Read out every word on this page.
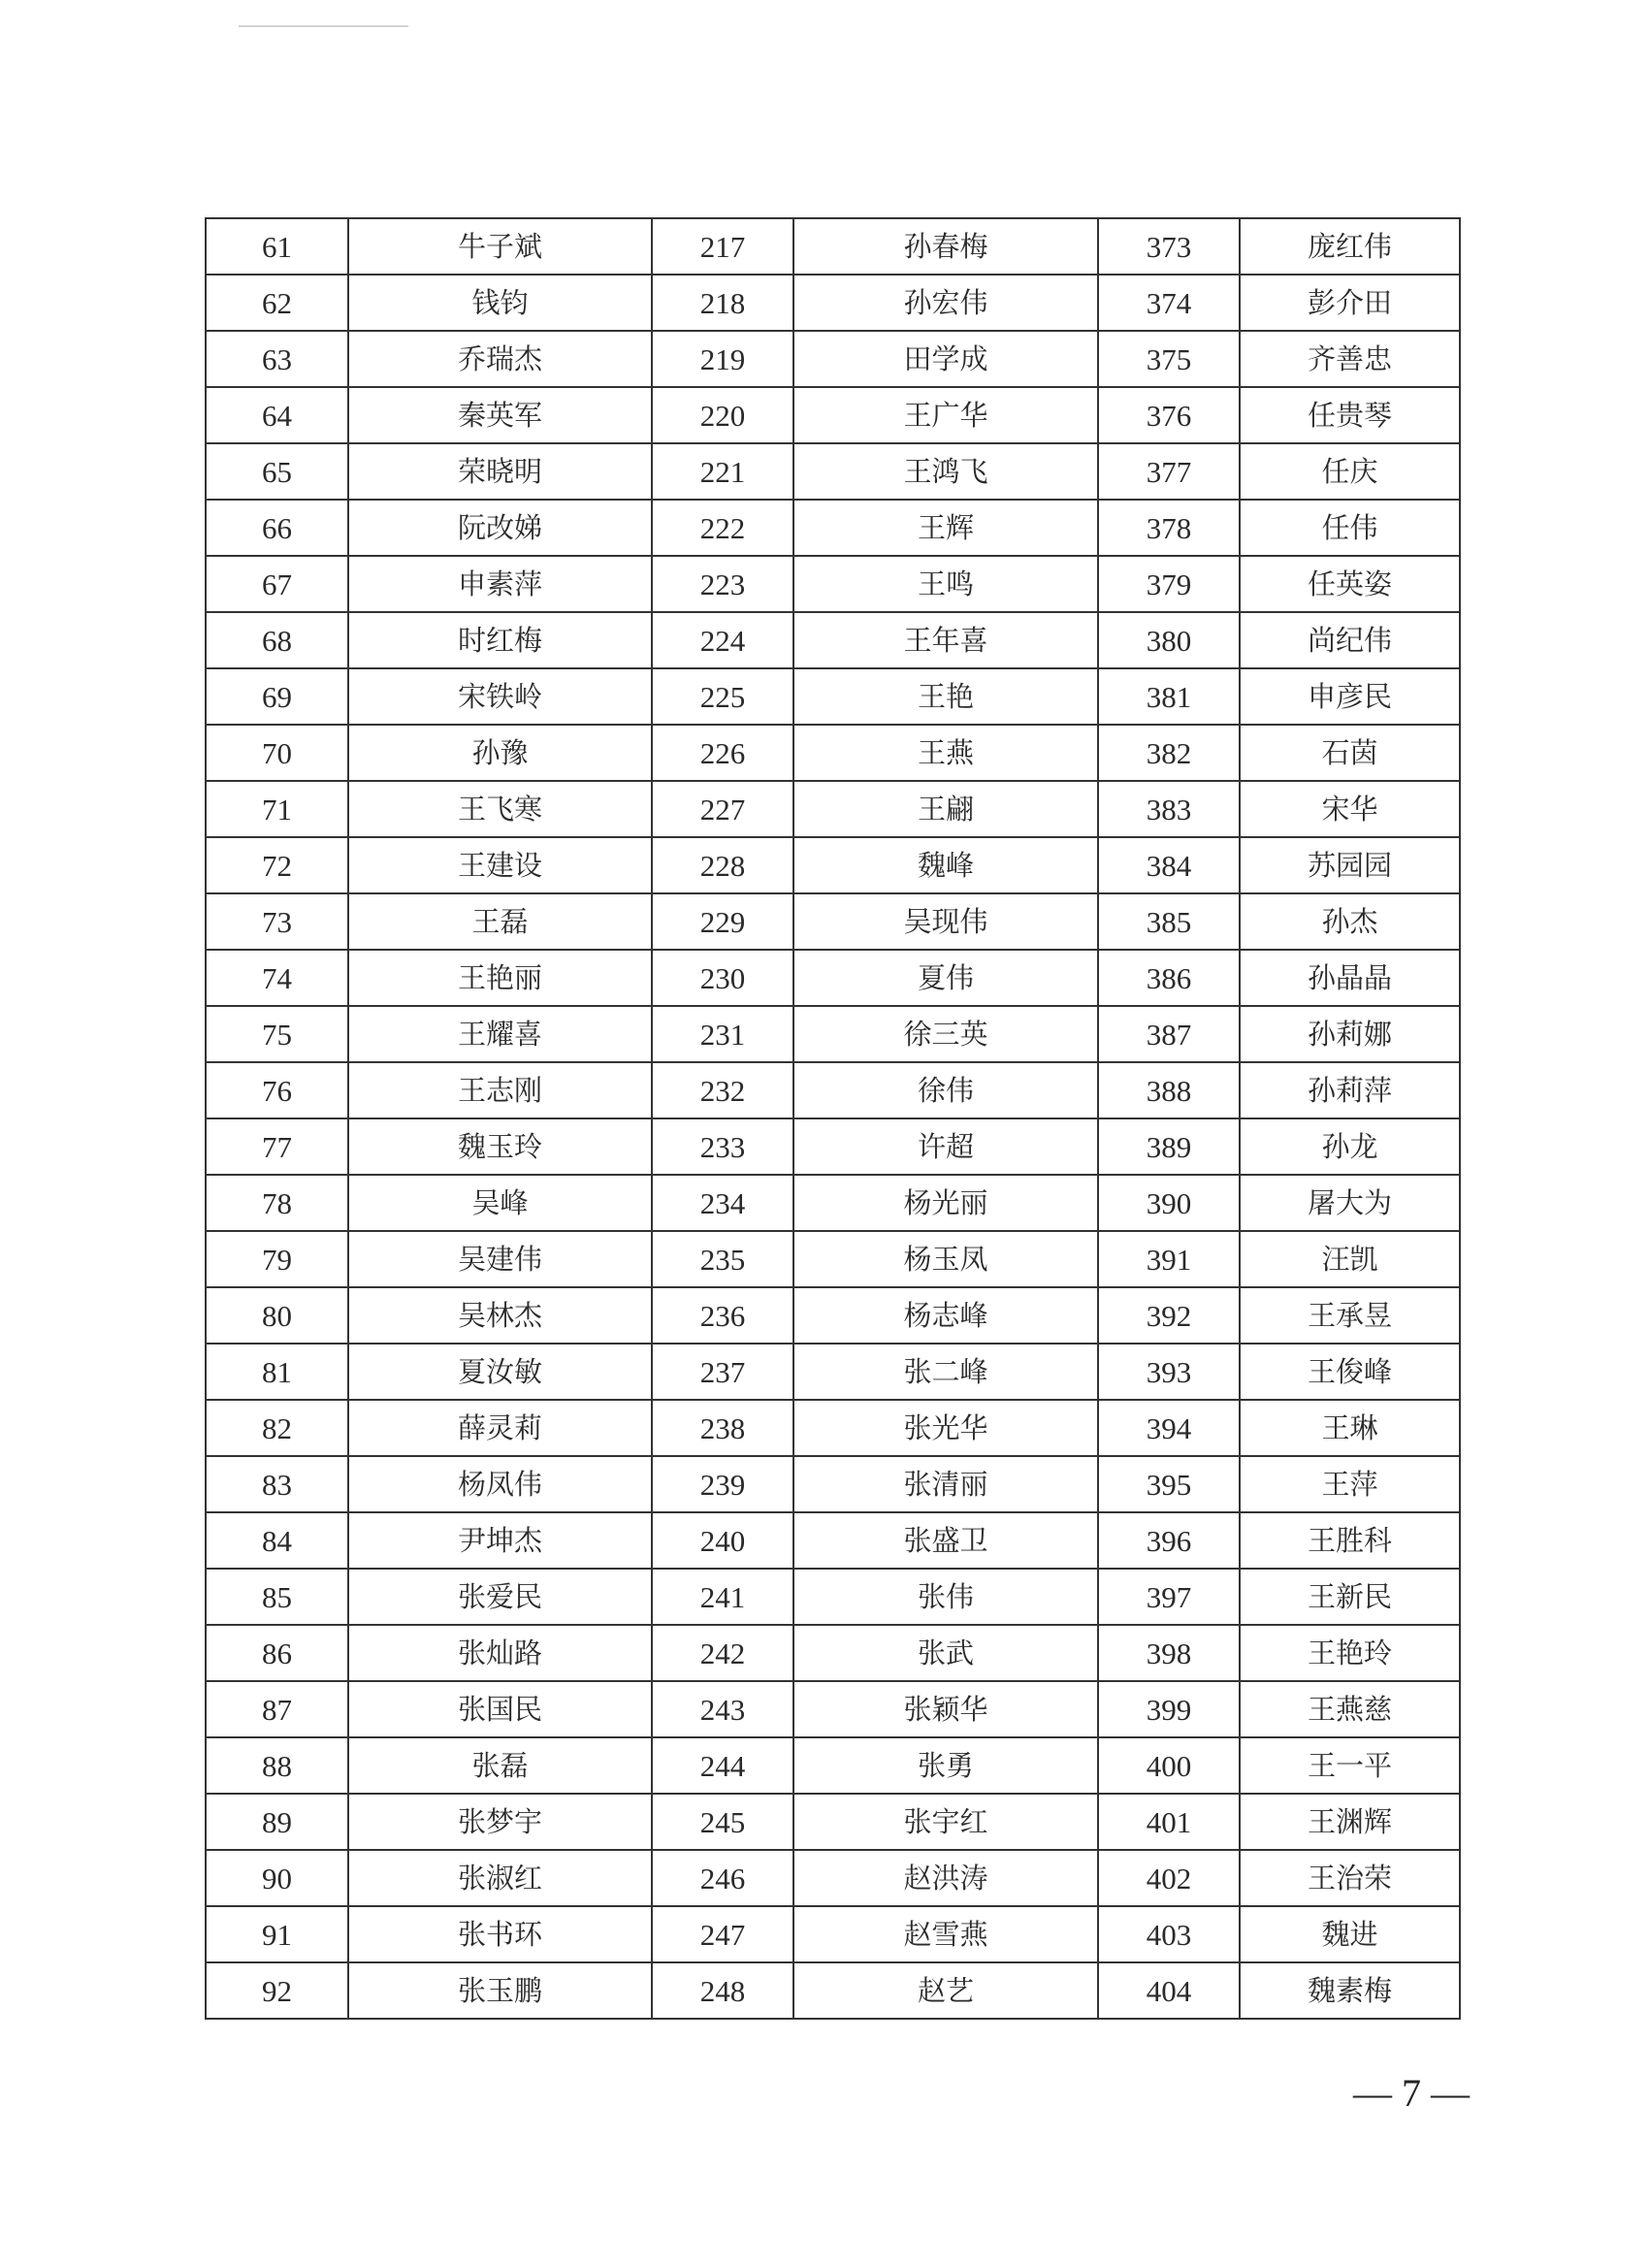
61	牛子斌	217	孙春梅	373	庞红伟
62	钱钧	218	孙宏伟	374	彭介田
63	乔瑞杰	219	田学成	375	齐善忠
64	秦英军	220	王广华	376	任贵琴
65	荣晓明	221	王鸿飞	377	任庆
66	阮改娣	222	王辉	378	任伟
67	申素萍	223	王鸣	379	任英姿
68	时红梅	224	王年喜	380	尚纪伟
69	宋铁岭	225	王艳	381	申彦民
70	孙豫	226	王燕	382	石茵
71	王飞寒	227	王翩	383	宋华
72	王建设	228	魏峰	384	苏园园
73	王磊	229	吴现伟	385	孙杰
74	王艳丽	230	夏伟	386	孙晶晶
75	王耀喜	231	徐三英	387	孙莉娜
76	王志刚	232	徐伟	388	孙莉萍
77	魏玉玲	233	许超	389	孙龙
78	吴峰	234	杨光丽	390	屠大为
79	吴建伟	235	杨玉凤	391	汪凯
80	吴林杰	236	杨志峰	392	王承昱
81	夏汝敏	237	张二峰	393	王俊峰
82	薛灵莉	238	张光华	394	王琳
83	杨凤伟	239	张清丽	395	王萍
84	尹坤杰	240	张盛卫	396	王胜科
85	张爱民	241	张伟	397	王新民
86	张灿路	242	张武	398	王艳玲
87	张国民	243	张颖华	399	王燕慈
88	张磊	244	张勇	400	王一平
89	张梦宇	245	张宇红	401	王渊辉
90	张淑红	246	赵洪涛	402	王治荣
91	张书环	247	赵雪燕	403	魏进
92	张玉鹏	248	赵艺	404	魏素梅
— 7 —
